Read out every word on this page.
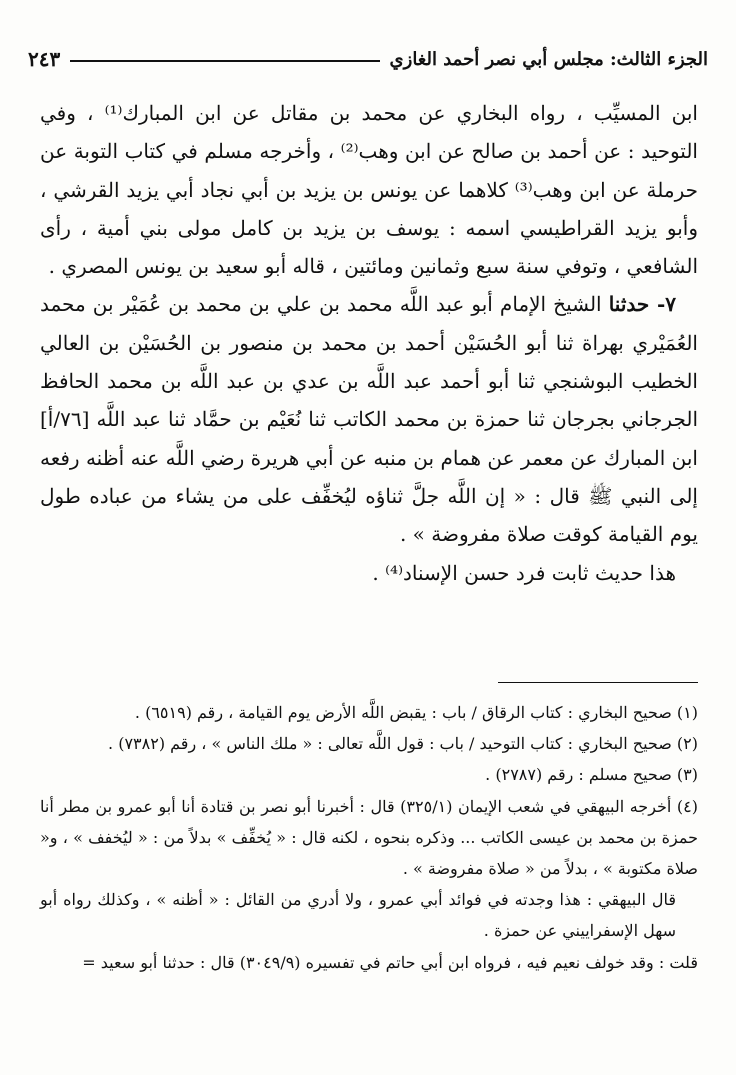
الجزء الثالث: مجلس أبي نصر أحمد الغازي
٢٤٣

ابن المسيِّب ، رواه البخاري عن محمد بن مقاتل عن ابن المبارك⁽¹⁾ ، وفي التوحيد : عن أحمد بن صالح عن ابن وهب⁽²⁾ ، وأخرجه مسلم في كتاب التوبة عن حرملة عن ابن وهب⁽³⁾ كلاهما عن يونس بن يزيد بن أبي نجاد أبي يزيد القرشي ، وأبو يزيد القراطيسي اسمه : يوسف بن يزيد بن كامل مولى بني أمية ، رأى الشافعي ، وتوفي سنة سبع وثمانين ومائتين ، قاله أبو سعيد بن يونس المصري .

٧- حدثنا الشيخ الإمام أبو عبد اللَّه محمد بن علي بن محمد بن عُمَيْر بن محمد العُمَيْري بهراة ثنا أبو الحُسَيْن أحمد بن محمد بن منصور بن الحُسَيْن بن العالي الخطيب البوشنجي ثنا أبو أحمد عبد اللَّه بن عدي بن عبد اللَّه بن محمد الحافظ الجرجاني بجرجان ثنا حمزة بن محمد الكاتب ثنا نُعَيْم بن حمَّاد ثنا عبد اللَّه [٧٦/أ] ابن المبارك عن معمر عن همام بن منبه عن أبي هريرة رضي اللَّه عنه أظنه رفعه إلى النبي ﷺ قال : « إن اللَّه جلَّ ثناؤه ليُخفِّف على من يشاء من عباده طول يوم القيامة كوقت صلاة مفروضة » .

هذا حديث ثابت فرد حسن الإسناد⁽⁴⁾ .

(١) صحيح البخاري : كتاب الرقاق / باب : يقبض اللَّه الأرض يوم القيامة ، رقم (٦٥١٩) .

(٢) صحيح البخاري : كتاب التوحيد / باب : قول اللَّه تعالى : « ملك الناس » ، رقم (٧٣٨٢) .

(٣) صحيح مسلم : رقم (٢٧٨٧) .

(٤) أخرجه البيهقي في شعب الإيمان (٣٢٥/١) قال : أخبرنا أبو نصر بن قتادة أنا أبو عمرو بن مطر أنا حمزة بن محمد بن عيسى الكاتب ... وذكره بنحوه ، لكنه قال : « يُخفِّف » بدلاً من : « ليُخفف » ، و« صلاة مكتوبة » ، بدلاً من « صلاة مفروضة » .

قال البيهقي : هذا وجدته في فوائد أبي عمرو ، ولا أدري من القائل : « أظنه » ، وكذلك رواه أبو سهل الإسفراييني عن حمزة .

قلت : وقد خولف نعيم فيه ، فرواه ابن أبي حاتم في تفسيره (٣٠٤٩/٩) قال : حدثنا أبو سعيد =
